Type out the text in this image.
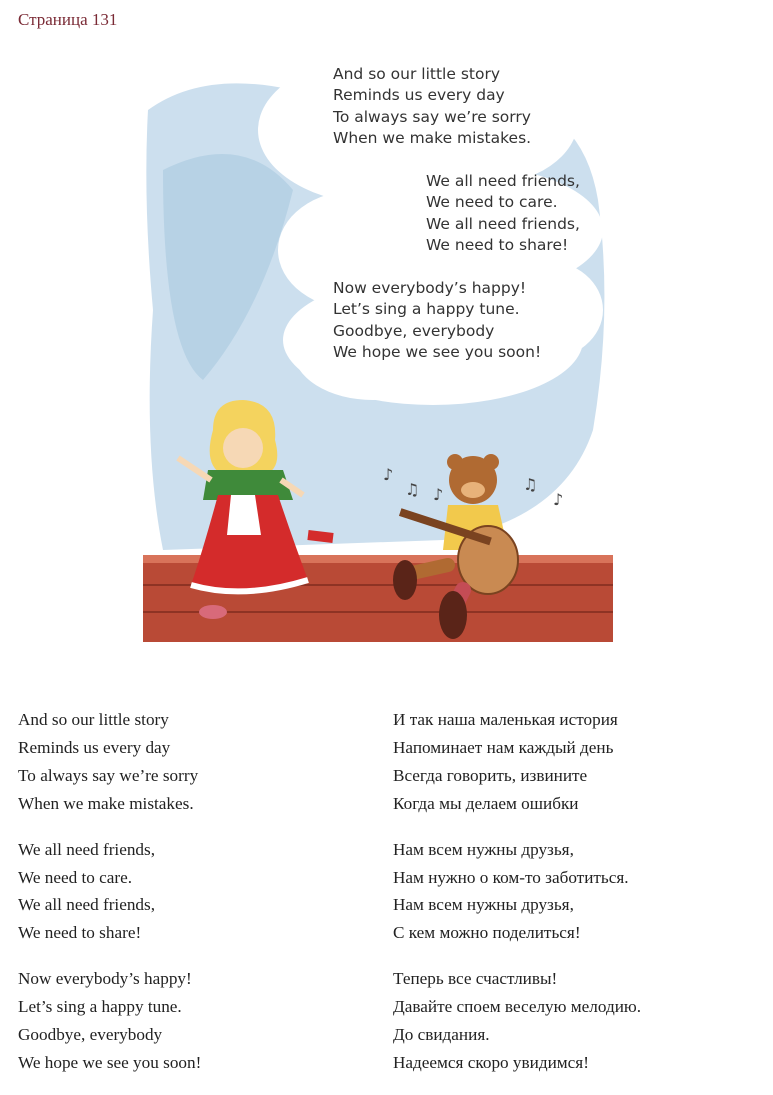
Страница 131
♪
♫ ♪
♫
♪
And so our little story
Reminds us every day
To always say we’re sorry
When we make mistakes.
We all need friends,
We need to care.
We all need friends,
We need to share!
Now everybody’s happy!
Let’s sing a happy tune.
Goodbye, everybody
We hope we see you soon!
And so our little story
Reminds us every day
To always say we’re sorry
When we make mistakes.
We all need friends,
We need to care.
We all need friends,
We need to share!
Now everybody’s happy!
Let’s sing a happy tune.
Goodbye, everybody
We hope we see you soon!
И так наша маленькая история
Напоминает нам каждый день
Всегда говорить, извините
Когда мы делаем ошибки
Нам всем нужны друзья,
Нам нужно о ком-то заботиться.
Нам всем нужны друзья,
С кем можно поделиться!
Теперь все счастливы!
Давайте споем веселую мелодию.
До свидания.
Надеемся скоро увидимся!
